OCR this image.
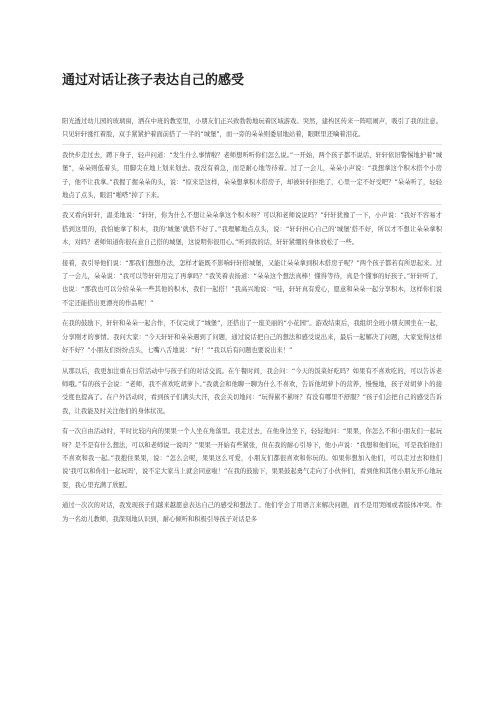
通过对话让孩子表达自己的感受

阳光透过幼儿园的玻璃窗，洒在中班的教室里，小朋友们正兴致勃勃地玩着区域游戏。突然，建构区传来一阵喧闹声，吸引了我的注意。只见轩轩涨红着脸，双手紧紧护着面前搭了一半的“城堡”，而一旁的朵朵则委屈地站着，眼眶里还噙着泪花。

我快步走过去，蹲下身子，轻声问道：“发生什么事情啦？老师想听听你们怎么说。”一开始，两个孩子都不说话，轩轩依旧警惕地护着“城堡”，朵朵则低着头，用脚尖在地上划来划去。我没有着急，而是耐心地等待着。过了一会儿，朵朵小声说：“我想拿这个积木搭个小房子，他不让我拿。”我握了握朵朵的头，说：“原来是这样，朵朵想拿积木搭房子，却被轩轩拒绝了，心里一定不好受吧？”朵朵听了，轻轻地点了点头，眼泪“啪嗒”掉了下来。

我又看向轩轩，温柔地说：“轩轩，你为什么不想让朵朵拿这个积木呀？可以和老师说说吗？”轩轩犹豫了一下，小声说：“我好不容易才搭到这里的，我怕她拿了积木，我的‘城堡’就搭不好了。”我理解地点点头，说：“轩轩担心自己的‘城堡’搭不好，所以才不想让朵朵拿积木，对吗？老师知道你很在意自己搭的城堡，这说明你很用心。”听到我的话，轩轩紧绷的身体放松了一些。

接着，我引导他们说：“那我们想想办法，怎样才能既不影响轩轩搭城堡，又能让朵朵拿到积木搭房子呢？”两个孩子都若有所思起来。过了一会儿，朵朵说：“我可以等轩轩用完了再拿吗？”我笑着表扬道：“朵朵这个想法真棒！懂得等待，真是个懂事的好孩子。”轩轩听了，也说：“那我也可以分给朵朵一些其他的积木，我们一起搭！”我高兴地说：“哇，轩轩真有爱心，愿意和朵朵一起分享积木，这样你们说不定还能搭出更漂亮的作品呢！”

在我的鼓励下，轩轩和朵朵一起合作，不仅完成了“城堡”，还搭出了一座美丽的“小花园”。游戏结束后，我组织全班小朋友围坐在一起，分享刚才的事情。我问大家：“今天轩轩和朵朵遇到了问题，通过说话把自己的想法和感受说出来，最后一起解决了问题，大家觉得这样好不好？”小朋友们纷纷点头，七嘴八舌地说：“好！”“我以后有问题也要说出来！”

从那以后，我更加注重在日常活动中与孩子们的对话交流。在午餐时间，我会问：“今天的饭菜好吃吗？如果有不喜欢吃的，可以告诉老师哦。”有的孩子会说：“老师，我不喜欢吃胡萝卜。”我就会和他聊一聊为什么不喜欢，告诉他胡萝卜的营养，慢慢地，孩子对胡萝卜的接受度也提高了。在户外活动时，看到孩子们满头大汗，我会关切地问：“玩得累不累呀？有没有哪里不舒服？”孩子们会把自己的感受告诉我，让我能及时关注他们的身体状况。

有一次自由活动时，平时比较内向的果果一个人坐在角落里。我走过去，在他身边坐下，轻轻地问：“果果，你怎么不和小朋友们一起玩呀？是不是有什么想法，可以和老师说一说吗？”果果一开始有些紧张，但在我的耐心引导下，他小声说：“我想和他们玩，可是我怕他们不喜欢和我一起。”我抱住果果，说：“怎么会呢，果果这么可爱，小朋友们都很喜欢和你玩的。如果你想加入他们，可以走过去和他们说‘我可以和你们一起玩吗’，说不定大家马上就会同意啦！”在我的鼓励下，果果鼓起勇气走向了小伙伴们，看到他和其他小朋友开心地玩耍，我心里充满了欣慰。

通过一次次的对话，我发现孩子们越来越愿意表达自己的感受和想法了。他们学会了用语言来解决问题，而不是用哭闹或者肢体冲突。作为一名幼儿教师，我深刻地认识到，耐心倾听和积极引导孩子对话是多
